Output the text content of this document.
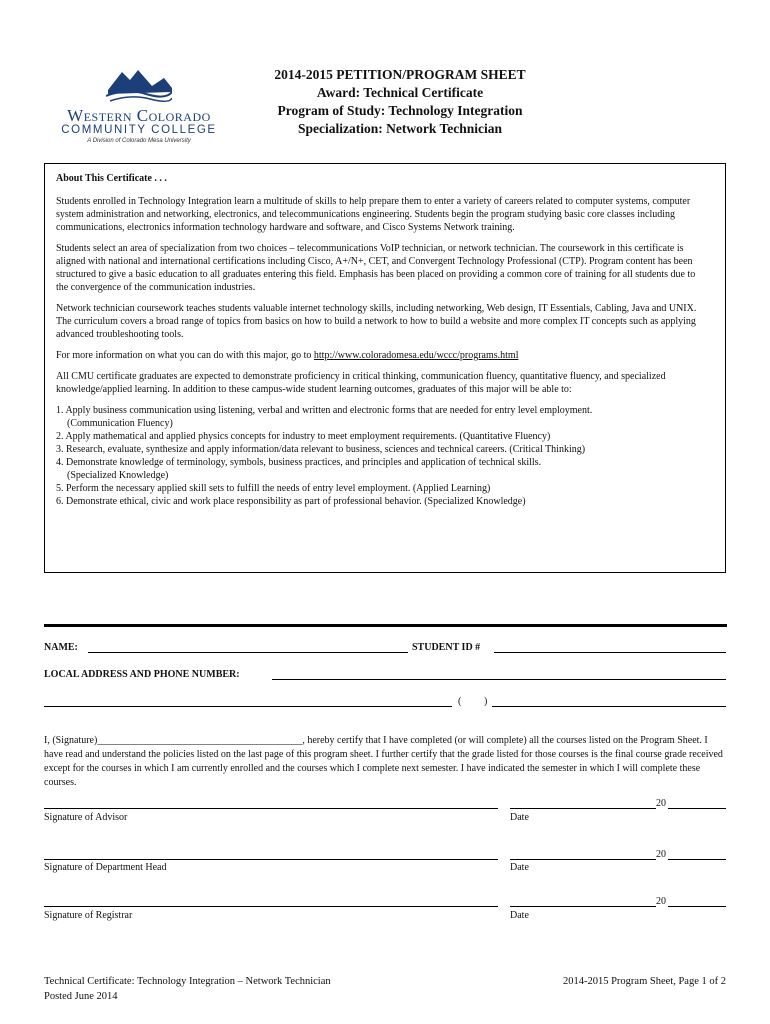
Western Colorado
COMMUNITY COLLEGE
A Division of Colorado Mesa University
2014-2015 PETITION/PROGRAM SHEET
Award: Technical Certificate
Program of Study: Technology Integration
Specialization: Network Technician

About This Certificate . . .

Students enrolled in Technology Integration learn a multitude of skills to help prepare them to enter a variety of careers related to computer systems, computer system administration and networking, electronics, and telecommunications engineering. Students begin the program studying basic core classes including communications, electronics information technology hardware and software, and Cisco Systems Network training.

Students select an area of specialization from two choices – telecommunications VoIP technician, or network technician. The coursework in this certificate is aligned with national and international certifications including Cisco, A+/N+, CET, and Convergent Technology Professional (CTP). Program content has been structured to give a basic education to all graduates entering this field. Emphasis has been placed on providing a common core of training for all students due to the convergence of the communication industries.

Network technician coursework teaches students valuable internet technology skills, including networking, Web design, IT Essentials, Cabling, Java and UNIX. The curriculum covers a broad range of topics from basics on how to build a network to how to build a website and more complex IT concepts such as applying advanced troubleshooting tools.

For more information on what you can do with this major, go to http://www.coloradomesa.edu/wccc/programs.html

All CMU certificate graduates are expected to demonstrate proficiency in critical thinking, communication fluency, quantitative fluency, and specialized knowledge/applied learning. In addition to these campus-wide student learning outcomes, graduates of this major will be able to:

1. Apply business communication using listening, verbal and written and electronic forms that are needed for entry level employment.
(Communication Fluency)
2. Apply mathematical and applied physics concepts for industry to meet employment requirements. (Quantitative Fluency)
3. Research, evaluate, synthesize and apply information/data relevant to business, sciences and technical careers. (Critical Thinking)
4. Demonstrate knowledge of terminology, symbols, business practices, and principles and application of technical skills.
(Specialized Knowledge)
5. Perform the necessary applied skill sets to fulfill the needs of entry level employment. (Applied Learning)
6. Demonstrate ethical, civic and work place responsibility as part of professional behavior. (Specialized Knowledge)
NAME:	STUDENT ID #
LOCAL ADDRESS AND PHONE NUMBER:
( )
I, (Signature)_________________________________________, hereby certify that I have completed (or will complete) all the courses listed on the Program Sheet. I have read and understand the policies listed on the last page of this program sheet. I further certify that the grade listed for those courses is the final course grade received except for the courses in which I am currently enrolled and the courses which I complete next semester. I have indicated the semester in which I will complete these courses.
Signature of Advisor
20
Date
Signature of Department Head
20
Date
Signature of Registrar
20
Date
Technical Certificate: Technology Integration – Network Technician
Posted June 2014
2014-2015 Program Sheet, Page 1 of 2
